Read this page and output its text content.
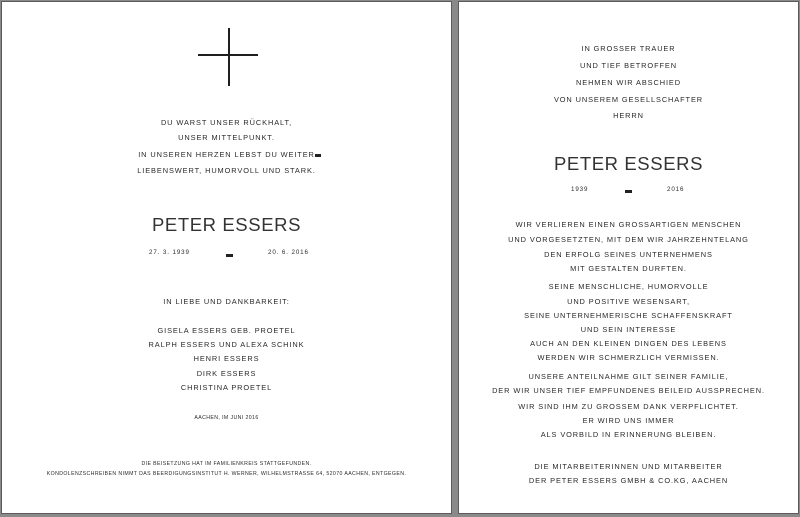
DU WARST UNSER RÜCKHALT,
UNSER MITTELPUNKT.
IN UNSEREN HERZEN LEBST DU WEITER
LIEBENSWERT, HUMORVOLL UND STARK.
PETER ESSERS
27. 3. 1939	20. 6. 2016
IN LIEBE UND DANKBARKEIT:
GISELA ESSERS GEB. PROETEL
RALPH ESSERS UND ALEXA SCHINK
HENRI ESSERS
DIRK ESSERS
CHRISTINA PROETEL
AACHEN, IM JUNI 2016
DIE BEISETZUNG HAT IM FAMILIENKREIS STATTGEFUNDEN.
KONDOLENZSCHREIBEN NIMMT DAS BEERDIGUNGSINSTITUT H. WERNER, WILHELMSTRASSE 64, 52070 AACHEN, ENTGEGEN.
IN GROSSER TRAUER
UND TIEF BETROFFEN
NEHMEN WIR ABSCHIED
VON UNSEREM GESELLSCHAFTER
HERRN
PETER ESSERS
1939	2016
WIR VERLIEREN EINEN GROSSARTIGEN MENSCHEN
UND VORGESETZTEN, MIT DEM WIR JAHRZEHNTELANG
DEN ERFOLG SEINES UNTERNEHMENS
MIT GESTALTEN DURFTEN.
SEINE MENSCHLICHE, HUMORVOLLE
UND POSITIVE WESENSART,
SEINE UNTERNEHMERISCHE SCHAFFENSKRAFT
UND SEIN INTERESSE
AUCH AN DEN KLEINEN DINGEN DES LEBENS
WERDEN WIR SCHMERZLICH VERMISSEN.
UNSERE ANTEILNAHME GILT SEINER FAMILIE,
DER WIR UNSER TIEF EMPFUNDENES BEILEID AUSSPRECHEN.
WIR SIND IHM ZU GROSSEM DANK VERPFLICHTET.
ER WIRD UNS IMMER
ALS VORBILD IN ERINNERUNG BLEIBEN.
DIE MITARBEITERINNEN UND MITARBEITER
DER PETER ESSERS GMBH & CO.KG, AACHEN
